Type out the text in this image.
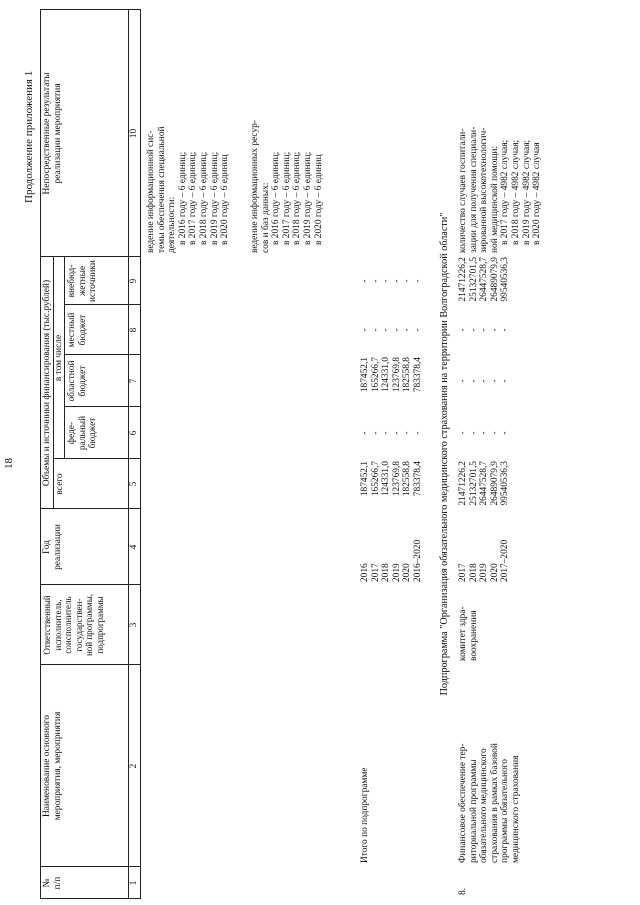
18
Продолжение приложения 1
№ п/п
Наименование основного мероприятия, мероприятия
Ответственный исполнитель, соисполнитель государствен- ной программы, подпрограммы
Год реализации
Объемы и источники финансирования (тыс.рублей) всего
в том числе
феде- ральный бюджет
областной бюджет
местный бюджет
внебюд- жетные источники
Непосредственные результаты реализации мероприятия
1
2
3
4
5
6
7
8
9
10 ведение информационной сис- темы обеспечения специальной деятельности: в 2016 году – 6 единиц; в 2017 году – 6 единиц; в 2018 году – 6 единиц; в 2019 году – 6 единиц; в 2020 году – 6 единиц ведение информационных ресур- сов и баз данных: в 2016 году – 6 единиц; в 2017 году – 6 единиц; в 2018 году – 6 единиц; в 2019 году – 6 единиц; в 2020 году – 6 единиц
Итого по подпрограмме
2016 2017 2018 2019 2020 2016–2020
187452,1 165266,7 124331,0 123769,8 182558,8 783378,4
- - - - - -
187452,1 165266,7 124331,0 123769,8 182558,8 783378,4
- - - - - -
- - - - - - Подпрограмма "Организация обязательного медицинского страхования на территории Волгоградской области"
8.
Финансовое обеспечение тер- риториальной программы обязательного медицинского страхования в рамках базовой программы обязательного медицинского страхования
комитет здра- воохранения
2017 2018 2019 2020 2017–2020
21471226,2 25132701,5 26447528,7 26489079,9 99540536,3
- - - - -
- - - - -
- - - - -
21471226,2 25132701,5 26447528,7 26489079,9 99540536,3
количество случаев госпитали- зации для получения специали- зированной высокотехнологич- ной медицинской помощи: в 2017 году – 4982 случая; в 2018 году – 4982 случая; в 2019 году – 4982 случая; в 2020 году – 4982 случая
